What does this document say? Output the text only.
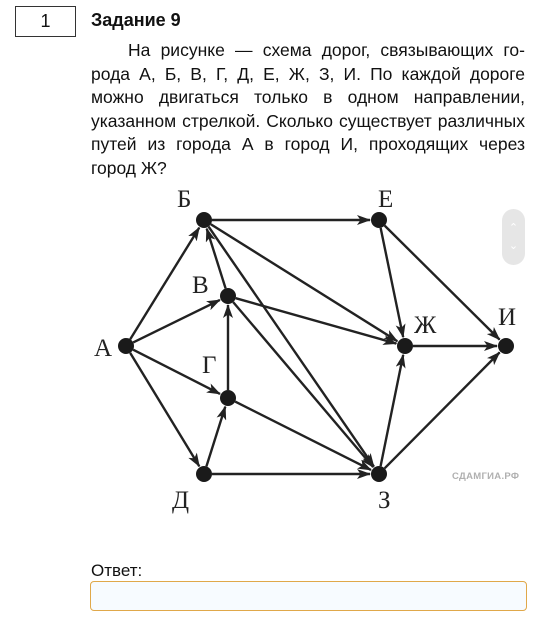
1	Задание 9

На рисунке — схема дорог, связывающих города А, Б, В, Г, Д, Е, Ж, З, И. По каждой дороге можно двигаться только в одном направлении, указанном стрелкой. Сколько существует различных путей из города А в город И, проходящих через город Ж?

А
Б
В
Г
Д
Е
Ж
З
И
СДАМГИА.РФ
⌃
⌄
Ответ:
